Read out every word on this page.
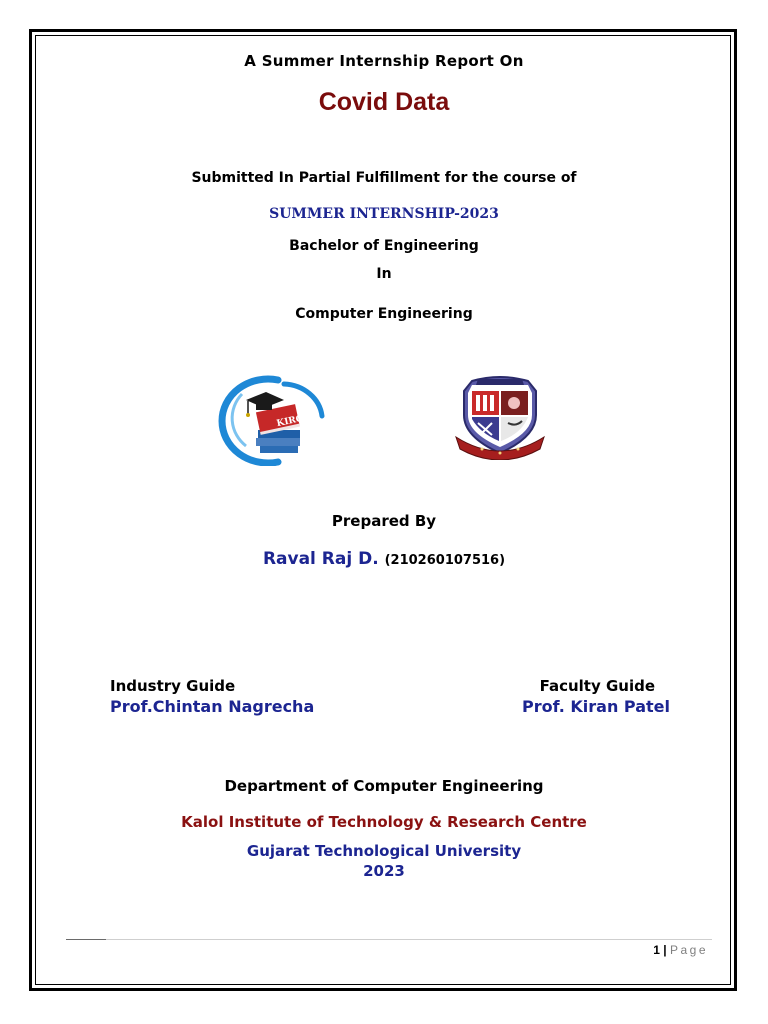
A Summer Internship Report On
Covid Data
Submitted In Partial Fulfillment for the course of
SUMMER INTERNSHIP-2023
Bachelor of Engineering
In
Computer Engineering
KIRC
Prepared By
Raval Raj D. (210260107516)
Industry Guide
Prof.Chintan Nagrecha
Faculty Guide
Prof. Kiran Patel
Department of Computer Engineering
Kalol Institute of Technology & Research Centre
Gujarat Technological University
2023
1 | Page
